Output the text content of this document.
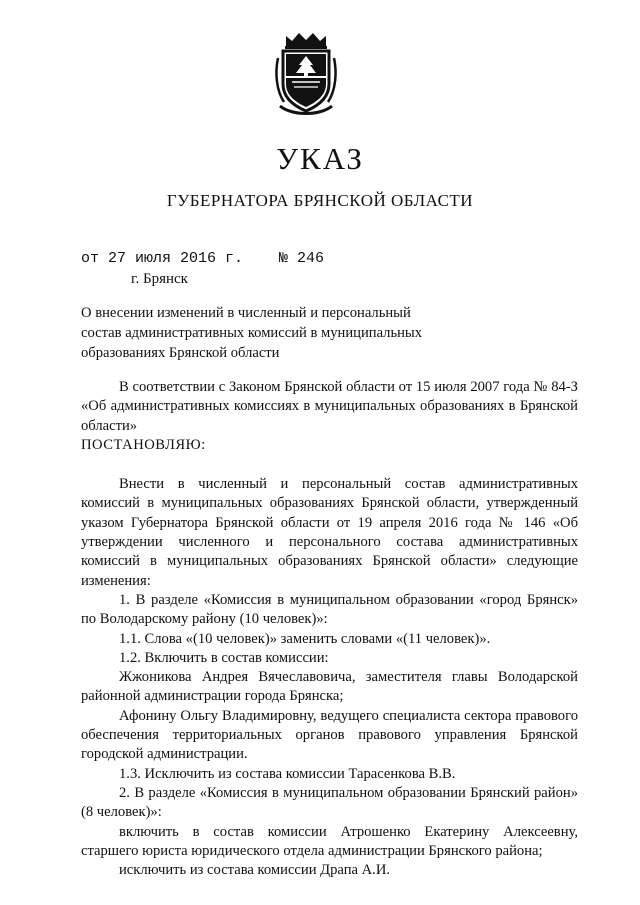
УКАЗ
ГУБЕРНАТОРА БРЯНСКОЙ ОБЛАСТИ
от 27 июля 2016 г. № 246
г. Брянск
О внесении изменений в численный и персональный
состав административных комиссий в муниципальных
образованиях Брянской области

В соответствии с Законом Брянской области от 15 июля 2007 года № 84-З «Об административных комиссиях в муниципальных образованиях в Брянской области»

ПОСТАНОВЛЯЮ:

Внести в численный и персональный состав административных комиссий в муниципальных образованиях Брянской области, утвержденный указом Губернатора Брянской области от 19 апреля 2016 года № 146 «Об утверждении численного и персонального состава административных комиссий в муниципальных образованиях Брянской области» следующие изменения:

1. В разделе «Комиссия в муниципальном образовании «город Брянск» по Володарскому району (10 человек)»:

1.1. Слова «(10 человек)» заменить словами «(11 человек)».

1.2. Включить в состав комиссии:

Жжоникова Андрея Вячеславовича, заместителя главы Володарской районной администрации города Брянска;

Афонину Ольгу Владимировну, ведущего специалиста сектора правового обеспечения территориальных органов правового управления Брянской городской администрации.

1.3. Исключить из состава комиссии Тарасенкова В.В.

2. В разделе «Комиссия в муниципальном образовании Брянский район» (8 человек)»:

включить в состав комиссии Атрошенко Екатерину Алексеевну, старшего юриста юридического отдела администрации Брянского района;

исключить из состава комиссии Драпа А.И.
